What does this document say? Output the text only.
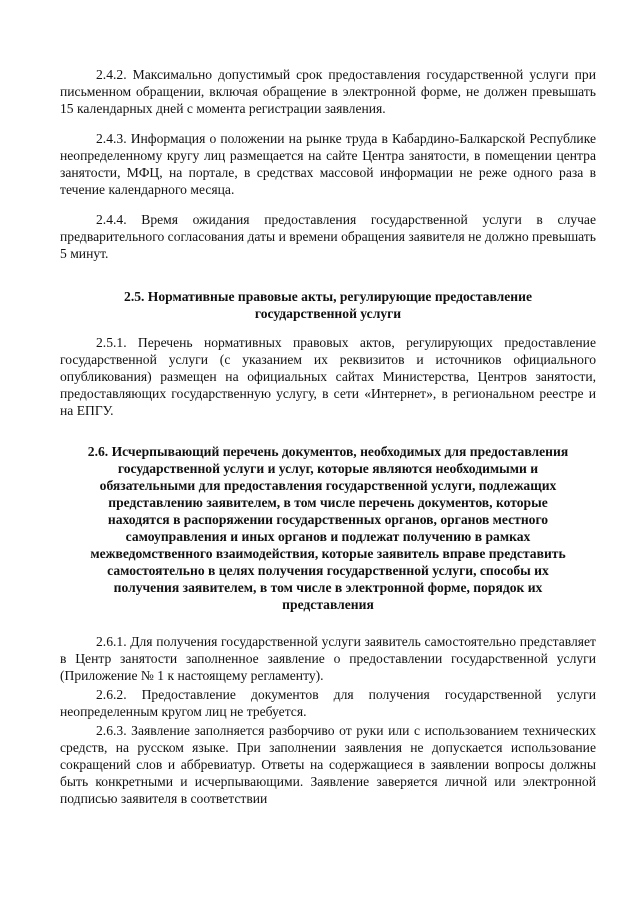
2.4.2. Максимально допустимый срок предоставления государственной услуги при письменном обращении, включая обращение в электронной форме, не должен превышать 15 календарных дней с момента регистрации заявления.

2.4.3. Информация о положении на рынке труда в Кабардино-Балкарской Республике неопределенному кругу лиц размещается на сайте Центра занятости, в помещении центра занятости, МФЦ, на портале, в средствах массовой информации не реже одного раза в течение календарного месяца.

2.4.4. Время ожидания предоставления государственной услуги в случае предварительного согласования даты и времени обращения заявителя не должно превышать 5 минут.

2.5. Нормативные правовые акты, регулирующие предоставление государственной услуги

2.5.1. Перечень нормативных правовых актов, регулирующих предоставление государственной услуги (с указанием их реквизитов и источников официального опубликования) размещен на официальных сайтах Министерства, Центров занятости, предоставляющих государственную услугу, в сети «Интернет», в региональном реестре и на ЕПГУ.

2.6. Исчерпывающий перечень документов, необходимых для предоставления государственной услуги и услуг, которые являются необходимыми и обязательными для предоставления государственной услуги, подлежащих представлению заявителем, в том числе перечень документов, которые находятся в распоряжении государственных органов, органов местного самоуправления и иных органов и подлежат получению в рамках межведомственного взаимодействия, которые заявитель вправе представить самостоятельно в целях получения государственной услуги, способы их получения заявителем, в том числе в электронной форме, порядок их представления

2.6.1. Для получения государственной услуги заявитель самостоятельно представляет в Центр занятости заполненное заявление о предоставлении государственной услуги (Приложение № 1 к настоящему регламенту).

2.6.2. Предоставление документов для получения государственной услуги неопределенным кругом лиц не требуется.

2.6.3. Заявление заполняется разборчиво от руки или с использованием технических средств, на русском языке. При заполнении заявления не допускается использование сокращений слов и аббревиатур. Ответы на содержащиеся в заявлении вопросы должны быть конкретными и исчерпывающими. Заявление заверяется личной или электронной подписью заявителя в соответствии
